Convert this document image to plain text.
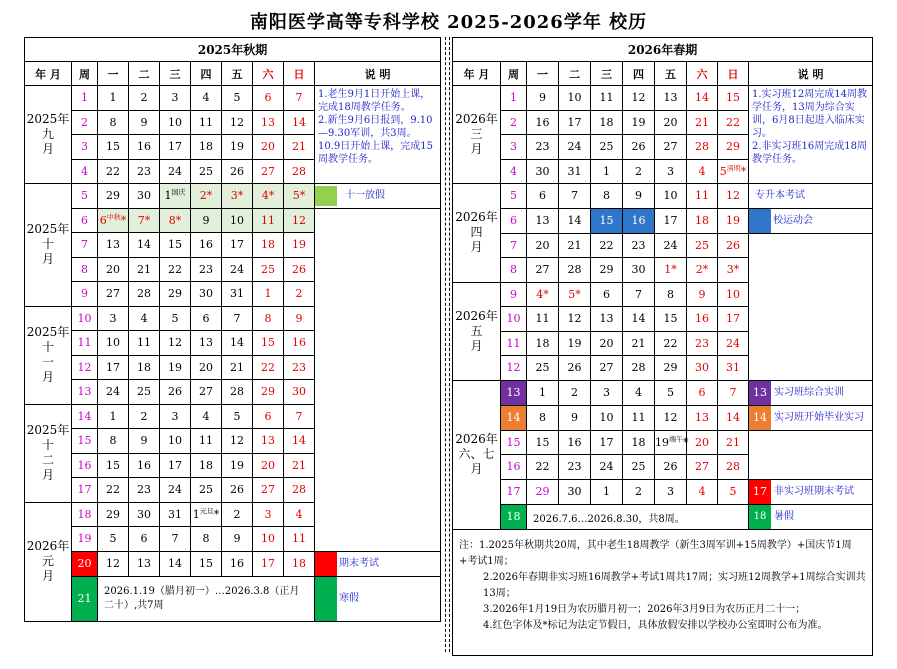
南阳医学高等专科学校 2025-2026学年 校历
2025年秋期									
年 月	周	一	二	三	四	五	六	日	说 明
2025年
九
月	1	1	2	3	4	5	6	7	1.老生9月1日开始上课，完成18周教学任务。
2.新生9月6日报到，9.10—9.30军训，共3周。10.9日开始上课，完成15周教学任务。
	2	8	9	10	11	12	13	14	
	3	15	16	17	18	19	20	21	
	4	22	23	24	25	26	27	28	
2025年
十
月	5	29	30	$1^{国庆}$	2*	3*	4*	5*	十一放假
	6	$6^{中秋}*$	7*	8*	9	10	11	12	
	7	13	14	15	16	17	18	19	
	8	20	21	22	23	24	25	26	
	9	27	28	29	30	31	1	2	
2025年
十
一
月	10	3	4	5	6	7	8	9	
	11	10	11	12	13	14	15	16	
	12	17	18	19	20	21	22	23	
	13	24	25	26	27	28	29	30	
2025年
十
二
月	14	1	2	3	4	5	6	7	
	15	8	9	10	11	12	13	14	
	16	15	16	17	18	19	20	21	
	17	22	23	24	25	26	27	28	
2026年
元
月	18	29	30	31	$1^{元旦}*$	2	3	4	
	19	5	6	7	8	9	10	11	
	20	12	13	14	15	16	17	18	期末考试
	21	2026.1.19（腊月初一）…2026.3.8（正月二十）,共7周							寒假
2026年春期									
年 月	周	一	二	三	四	五	六	日	说 明
2026年
三
月	1	9	10	11	12	13	14	15	1.实习班12周完成14周教学任务，13周为综合实训，6月8日起进入临床实习。
2.非实习班16周完成18周教学任务。
	2	16	17	18	19	20	21	22	
	3	23	24	25	26	27	28	29	
	4	30	31	1	2	3	4	$5^{清明}*$	
2026年
四
月	5	6	7	8	9	10	11	12	专升本考试
	6	13	14	15	16	17	18	19	校运动会
	7	20	21	22	23	24	25	26	
	8	27	28	29	30	1*	2*	3*	
2026年
五
月	9	4*	5*	6	7	8	9	10	
	10	11	12	13	14	15	16	17	
	11	18	19	20	21	22	23	24	
	12	25	26	27	28	29	30	31	
2026年
六、七
月	13	1	2	3	4	5	6	7	13 实习班综合实训
	14	8	9	10	11	12	13	14	14 实习班开始毕业实习
	15	15	16	17	18	$19^{端午}*$	20	21	
	16	22	23	24	25	26	27	28	
	17	29	30	1	2	3	4	5	17 非实习班期末考试
	18	2026.7.6…2026.8.30，共8周。							18 暑假

注：1.2025年秋期共20周，其中老生18周教学（新生3周军训+15周教学）+国庆节1周+考试1周；
2.2026年春期非实习班16周教学+考试1周共17周；实习班12周教学+1周综合实训共13周；
3.2026年1月19日为农历腊月初一；2026年3月9日为农历正月二十一；
4.红色字体及*标记为法定节假日，具体放假安排以学校办公室即时公布为准。									
